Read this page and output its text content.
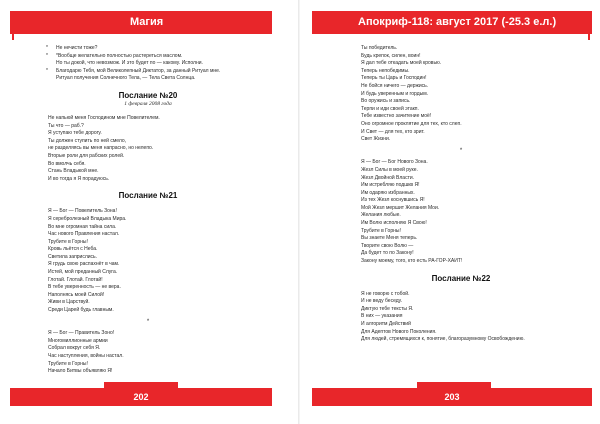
Магия
* Не нечисти тоже?
* *Вообще желательно полностью растереться маслом.
Но ты докой, что невозмож. И это будет по — какому. Исполни.
* Благодарю Тебя, мой Великолепный Диктатор, за данный Ритуал мне.
Ритуал получения Солнечного Тела, — Тела Света Солнца.
Послание №20
1 февраля 2008 года
Не напьюй меня Господином мне Повелителем.
Ты что — раб.?
Я уступаю тебе дорогу.
Ты должен ступить по ней смело,
не разделяясь вы меня напрасно, но нелепо.
Вторые роли для рабских ролей.
Во вмолчь себя.
Стань Владыкой мне.
И во тогда я Я порадуюсь.
Послание №21
Я — Бог — Повелитель Зона!
Я серебролезный Владыка Мира.
Во мне огромная тайна сила.
Час нового Правления настал.
Трубите в Горны!
Кровь льётся с Неба.
Светила заприслись.
Я грудь свою распахнёт в чам.
Истей, мой преданный Слуга.
Глотай. Глотай. Глотай!
В тебе уверенность — не вера.
Наполнясь моей Силой!
Живи в Царствуй.
Среди Царей будь главным.
*
Я — Бог — Правитель Зоно!
Многомиллионные армии
Собрал вокруг себя Я.
Час наступления, войны настал.
Трубите в Горны!
Начало Битвы объявляю Я!
202
Апокриф-118: август 2017 (-25.3 е.л.)
Ты победитель.
Будь крепок, силен, воин!
Я дал тебе откадать моей кровью.
Теперь непобедимы.
Теперь ты Царь и Господин!
Не бойся ничего — держись.
И будь уверенным и гордым.
Во оружись и запись.
Терпи и иди своей этакп.
Тебе известно зачитение моё!
Оно огромное проклятие для тех, кто слеп.
И Свет — для тех, кто зрит.
Свет Жизни.
*
Я — Бог — Бог Нового Зона.
Жезл Силы в моей руке.
Жезл Двойной Власти.
Им истребляю подшкв Я!
Им одаряю избранных.
Из тех Жезл коснувшись Я!
Мой Жезл мершит Желания Мои.
Желания любые.
Им Волю исполняю Я Свою!
Трубите в Горны!
Вы знаете Меня теперь.
Творите свою Волю —
Да будет то по Закону!
Закону моему, того, кто есть РА-ГОР-ХАИТ!
Послание №22
Я не говорю с тобой.
И не веду беседу.
Диктую тебе тексты Я.
В них — указания
И алгоритм Действий
Для Адептов Нового Поколения.
Для людей, стремящихся к, понятие, благоразумному Освобождению.
203
